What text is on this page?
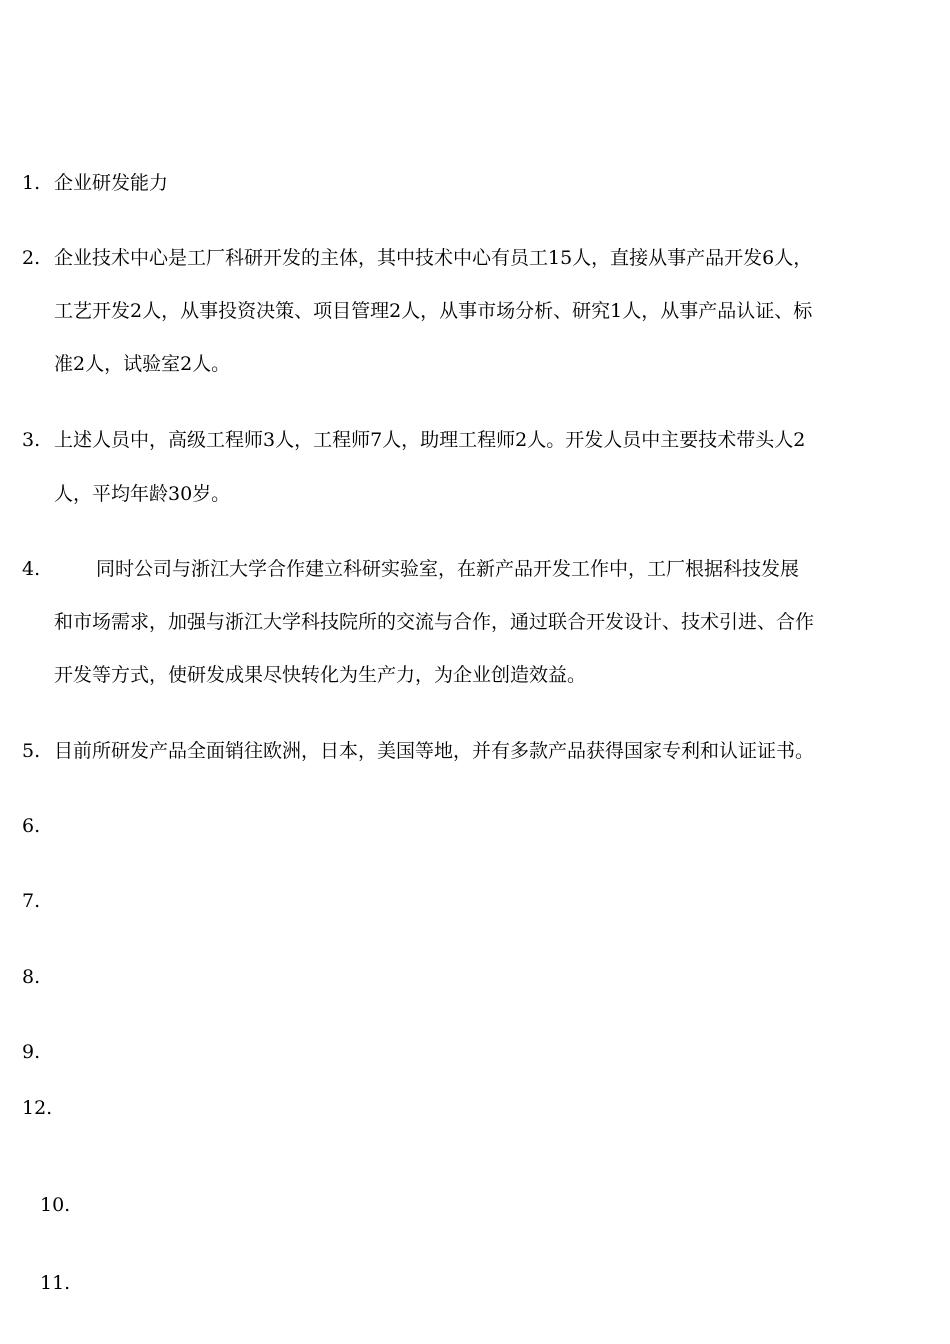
1. 企业研发能力
2. 企业技术中心是工厂科研开发的主体，其中技术中心有员工15人，直接从事产品开发6人，
工艺开发2人，从事投资决策、项目管理2人，从事市场分析、研究1人，从事产品认证、标
准2人，试验室2人。
3. 上述人员中，高级工程师3人，工程师7人，助理工程师2人。开发人员中主要技术带头人2
人，平均年龄30岁。
4.	同时公司与浙江大学合作建立科研实验室，在新产品开发工作中，工厂根据科技发展
和市场需求，加强与浙江大学科技院所的交流与合作，通过联合开发设计、技术引进、合作
开发等方式，使研发成果尽快转化为生产力，为企业创造效益。
5. 目前所研发产品全面销往欧洲，日本，美国等地，并有多款产品获得国家专利和认证证书。
6.
7.
8.
9.
12.
10.
11.
